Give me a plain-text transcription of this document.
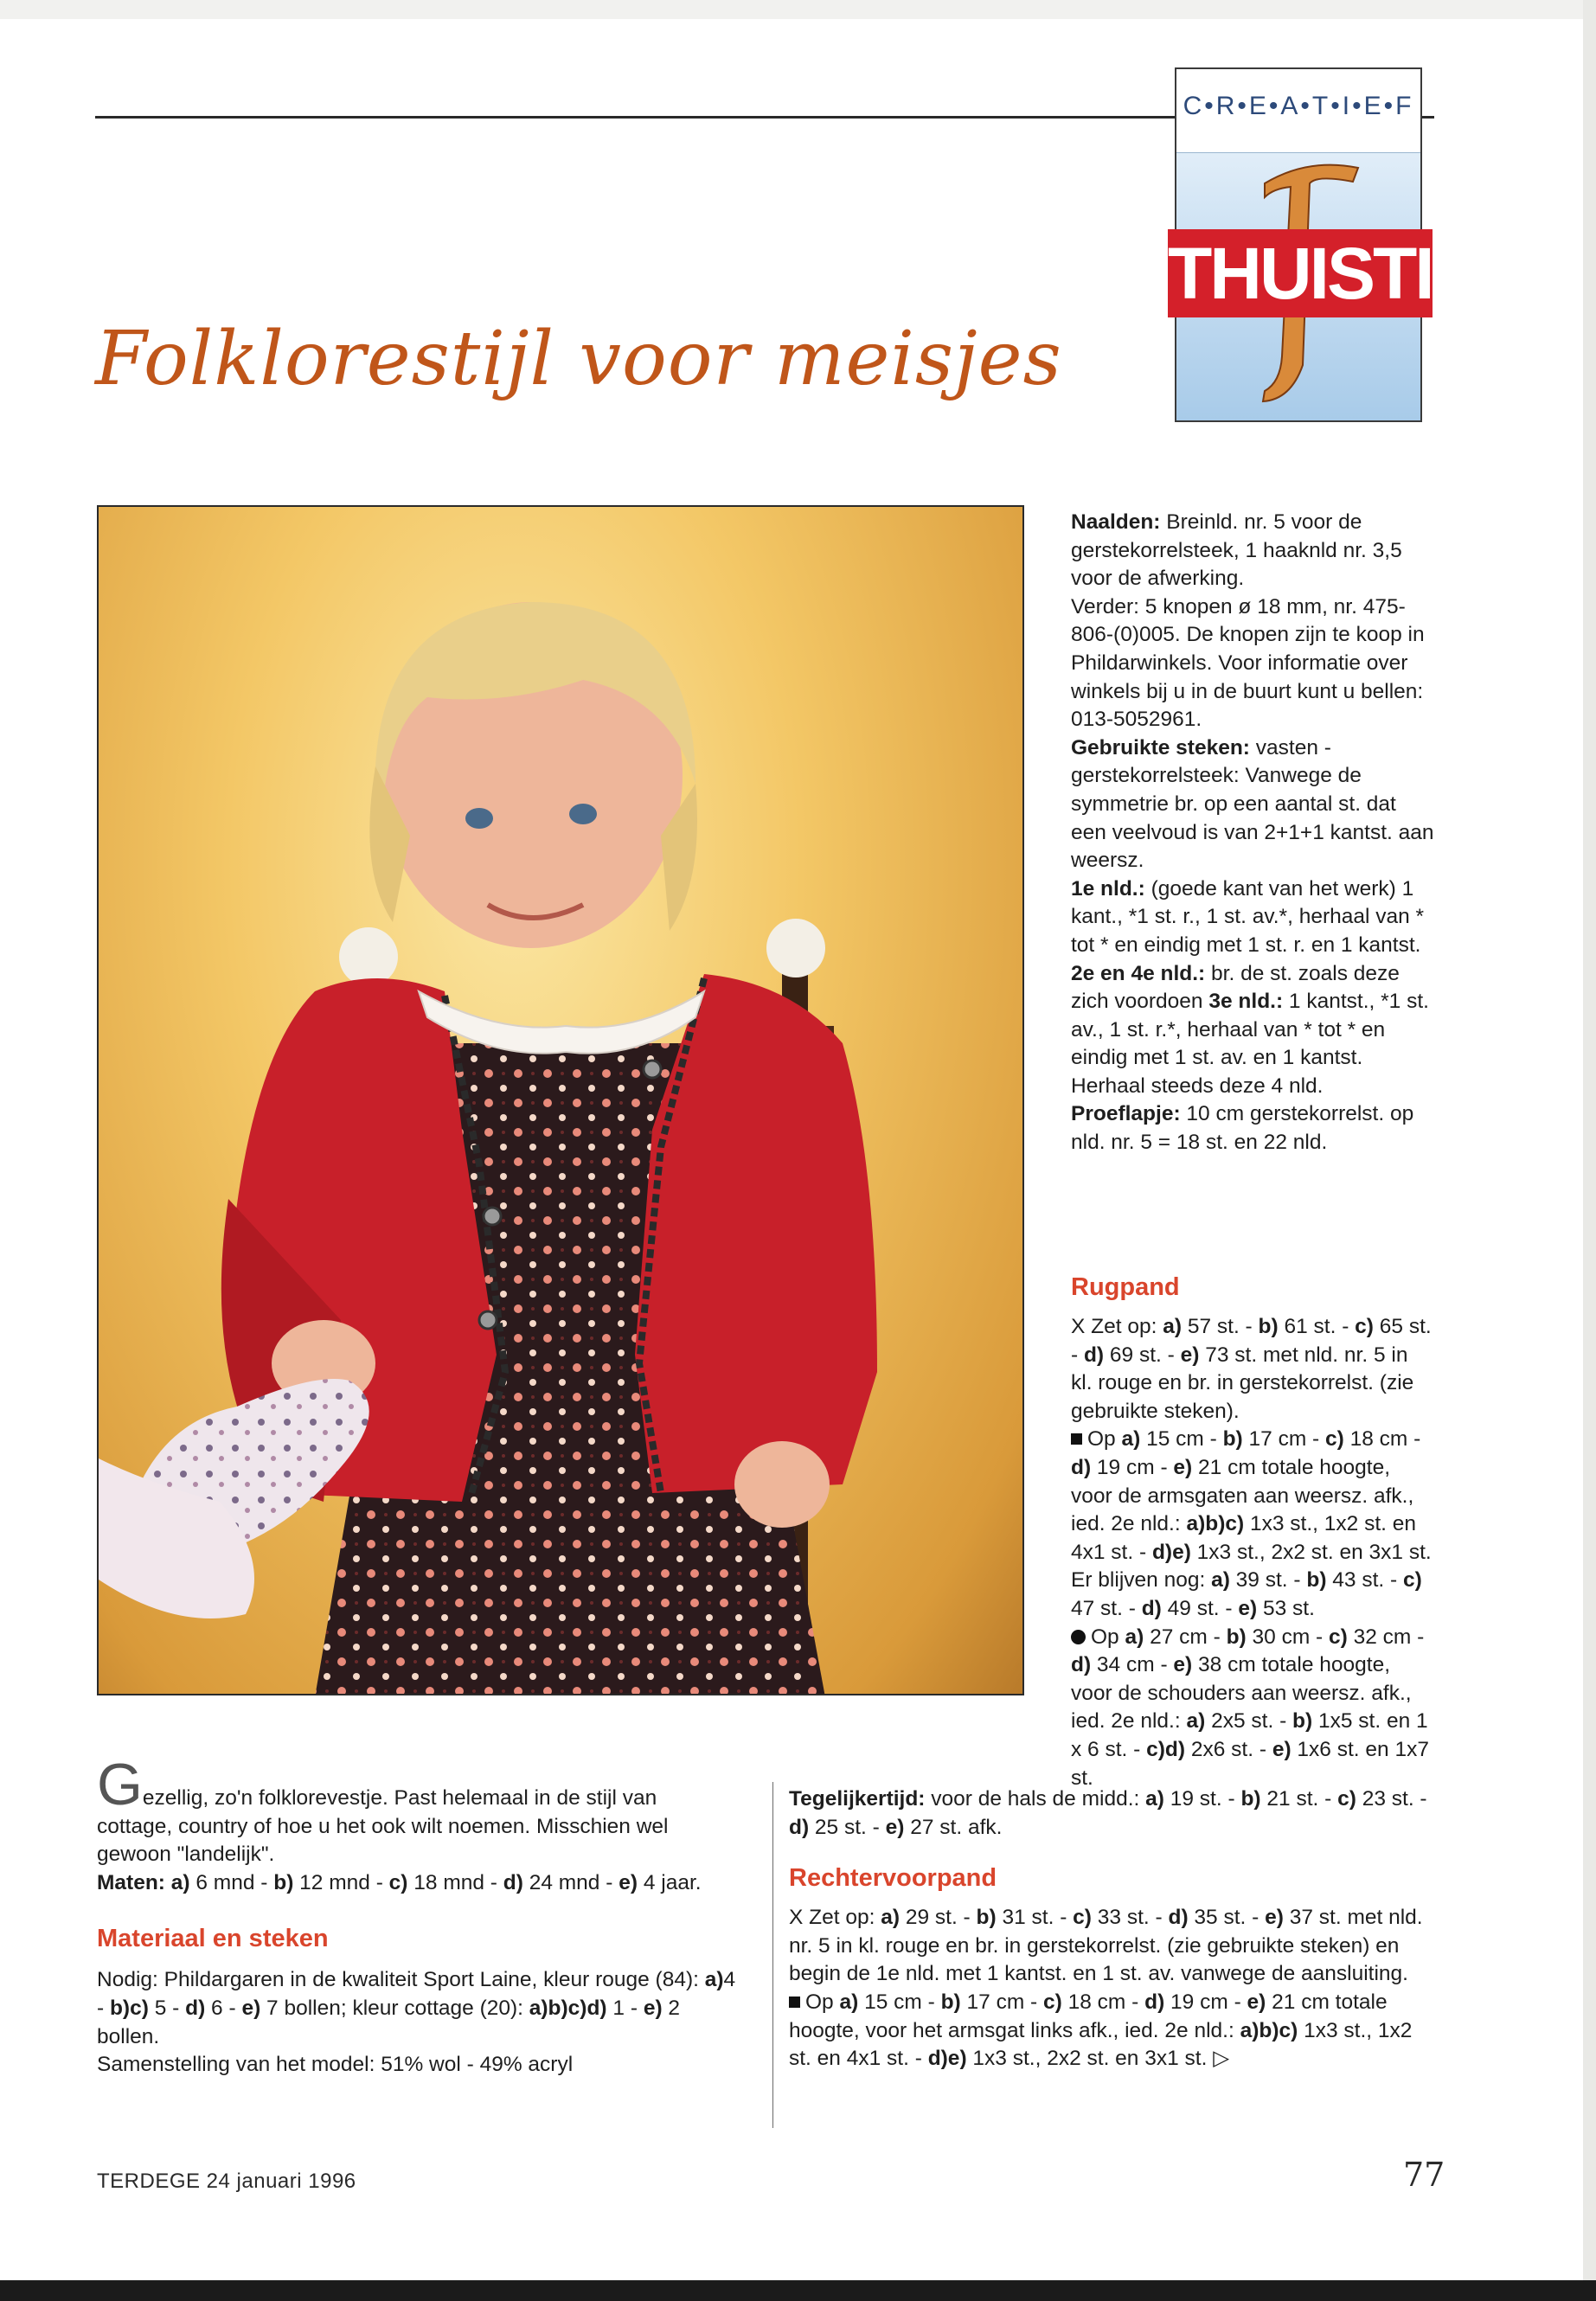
Folklorestijl voor meisjes
C•R•E•A•T•I•E•F
THUISTIPS

Naalden: Breinld. nr. 5 voor de gerstekorrelsteek, 1 haaknld nr. 3,5 voor de afwerking.

Verder: 5 knopen ø 18 mm, nr. 475-806-(0)005. De knopen zijn te koop in Phildarwinkels. Voor informatie over winkels bij u in de buurt kunt u bellen: 013-5052961.

Gebruikte steken: vasten - gerstekorrelsteek: Vanwege de symmetrie br. op een aantal st. dat een veelvoud is van 2+1+1 kantst. aan weersz.

1e nld.: (goede kant van het werk) 1 kant., *1 st. r., 1 st. av.*, herhaal van * tot * en eindig met 1 st. r. en 1 kantst.

2e en 4e nld.: br. de st. zoals deze zich voordoen 3e nld.: 1 kantst., *1 st. av., 1 st. r.*, herhaal van * tot * en eindig met 1 st. av. en 1 kantst. Herhaal steeds deze 4 nld.

Proeflapje: 10 cm gerstekorrelst. op nld. nr. 5 = 18 st. en 22 nld.

Rugpand

X Zet op: a) 57 st. - b) 61 st. - c) 65 st. - d) 69 st. - e) 73 st. met nld. nr. 5 in kl. rouge en br. in gerstekorrelst. (zie gebruikte steken).

Op a) 15 cm - b) 17 cm - c) 18 cm - d) 19 cm - e) 21 cm totale hoogte, voor de armsgaten aan weersz. afk., ied. 2e nld.: a)b)c) 1x3 st., 1x2 st. en 4x1 st. - d)e) 1x3 st., 2x2 st. en 3x1 st. Er blijven nog: a) 39 st. - b) 43 st. - c) 47 st. - d) 49 st. - e) 53 st.

Op a) 27 cm - b) 30 cm - c) 32 cm - d) 34 cm - e) 38 cm totale hoogte, voor de schouders aan weersz. afk., ied. 2e nld.: a) 2x5 st. - b) 1x5 st. en 1 x 6 st. - c)d) 2x6 st. - e) 1x6 st. en 1x7 st.

Tegelijkertijd: voor de hals de midd.: a) 19 st. - b) 21 st. - c) 23 st. - d) 25 st. - e) 27 st. afk.

Rechtervoorpand

X Zet op: a) 29 st. - b) 31 st. - c) 33 st. - d) 35 st. - e) 37 st. met nld. nr. 5 in kl. rouge en br. in gerstekorrelst. (zie gebruikte steken) en begin de 1e nld. met 1 kantst. en 1 st. av. vanwege de aansluiting.

Op a) 15 cm - b) 17 cm - c) 18 cm - d) 19 cm - e) 21 cm totale hoogte, voor het armsgat links afk., ied. 2e nld.: a)b)c) 1x3 st., 1x2 st. en 4x1 st. - d)e) 1x3 st., 2x2 st. en 3x1 st. ▷

Gezellig, zo'n folklorevestje. Past helemaal in de stijl van cottage, country of hoe u het ook wilt noemen. Misschien wel gewoon "landelijk".

Maten: a) 6 mnd - b) 12 mnd - c) 18 mnd - d) 24 mnd - e) 4 jaar.

Materiaal en steken

Nodig: Phildargaren in de kwaliteit Sport Laine, kleur rouge (84): a)4 - b)c) 5 - d) 6 - e) 7 bollen; kleur cottage (20): a)b)c)d) 1 - e) 2 bollen.

Samenstelling van het model: 51% wol - 49% acryl

TERDEGE 24 januari 1996	77
